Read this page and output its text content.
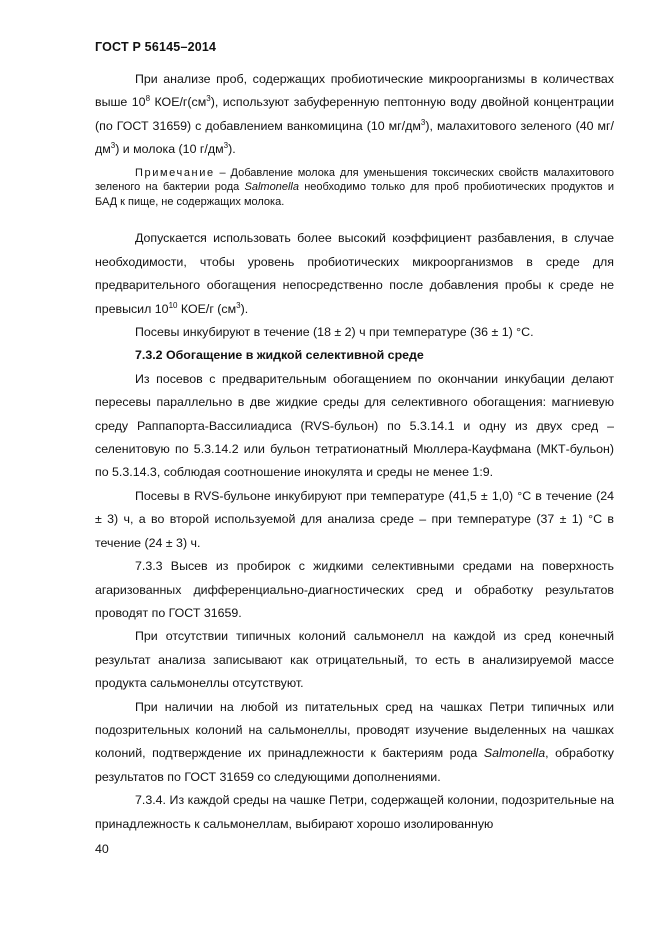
ГОСТ Р 56145–2014

При анализе проб, содержащих пробиотические микроорганизмы в количествах выше $10^8$ КОЕ/$г(см^3)$, используют забуференную пептонную воду двойной концентрации (по ГОСТ 31659) с добавлением ванкомицина (10 $мг/дм^3$), малахитового зеленого (40 $мг/дм^3$) и молока (10 $г/дм^3$).

Примечание – Добавление молока для уменьшения токсических свойств малахитового зеленого на бактерии рода Salmonella необходимо только для проб пробиотических продуктов и БАД к пище, не содержащих молока.

Допускается использовать более высокий коэффициент разбавления, в случае необходимости, чтобы уровень пробиотических микроорганизмов в среде для предварительного обогащения непосредственно после добавления пробы к среде не превысил $10^{10}$ КОЕ/г $(см^3)$.

Посевы инкубируют в течение (18 ± 2) ч при температуре (36 ± 1) °С.

7.3.2 Обогащение в жидкой селективной среде

Из посевов с предварительным обогащением по окончании инкубации делают пересевы параллельно в две жидкие среды для селективного обогащения: магниевую среду Раппапорта-Вассилиадиса (RVS-бульон) по 5.3.14.1 и одну из двух сред – селенитовую по 5.3.14.2 или бульон тетратионатный Мюллера-Кауфмана (МКТ-бульон) по 5.3.14.3, соблюдая соотношение инокулята и среды не менее 1:9.

Посевы в RVS-бульоне инкубируют при температуре (41,5 ± 1,0) °С в течение (24 ± 3) ч, а во второй используемой для анализа среде – при температуре (37 ± 1) °С в течение (24 ± 3) ч.

7.3.3 Высев из пробирок с жидкими селективными средами на поверхность агаризованных дифференциально-диагностических сред и обработку результатов проводят по ГОСТ 31659.

При отсутствии типичных колоний сальмонелл на каждой из сред конечный результат анализа записывают как отрицательный, то есть в анализируемой массе продукта сальмонеллы отсутствуют.

При наличии на любой из питательных сред на чашках Петри типичных или подозрительных колоний на сальмонеллы, проводят изучение выделенных на чашках колоний, подтверждение их принадлежности к бактериям рода Salmonella, обработку результатов по ГОСТ 31659 со следующими дополнениями.

7.3.4. Из каждой среды на чашке Петри, содержащей колонии, подозрительные на принадлежность к сальмонеллам, выбирают хорошо изолированную

40
